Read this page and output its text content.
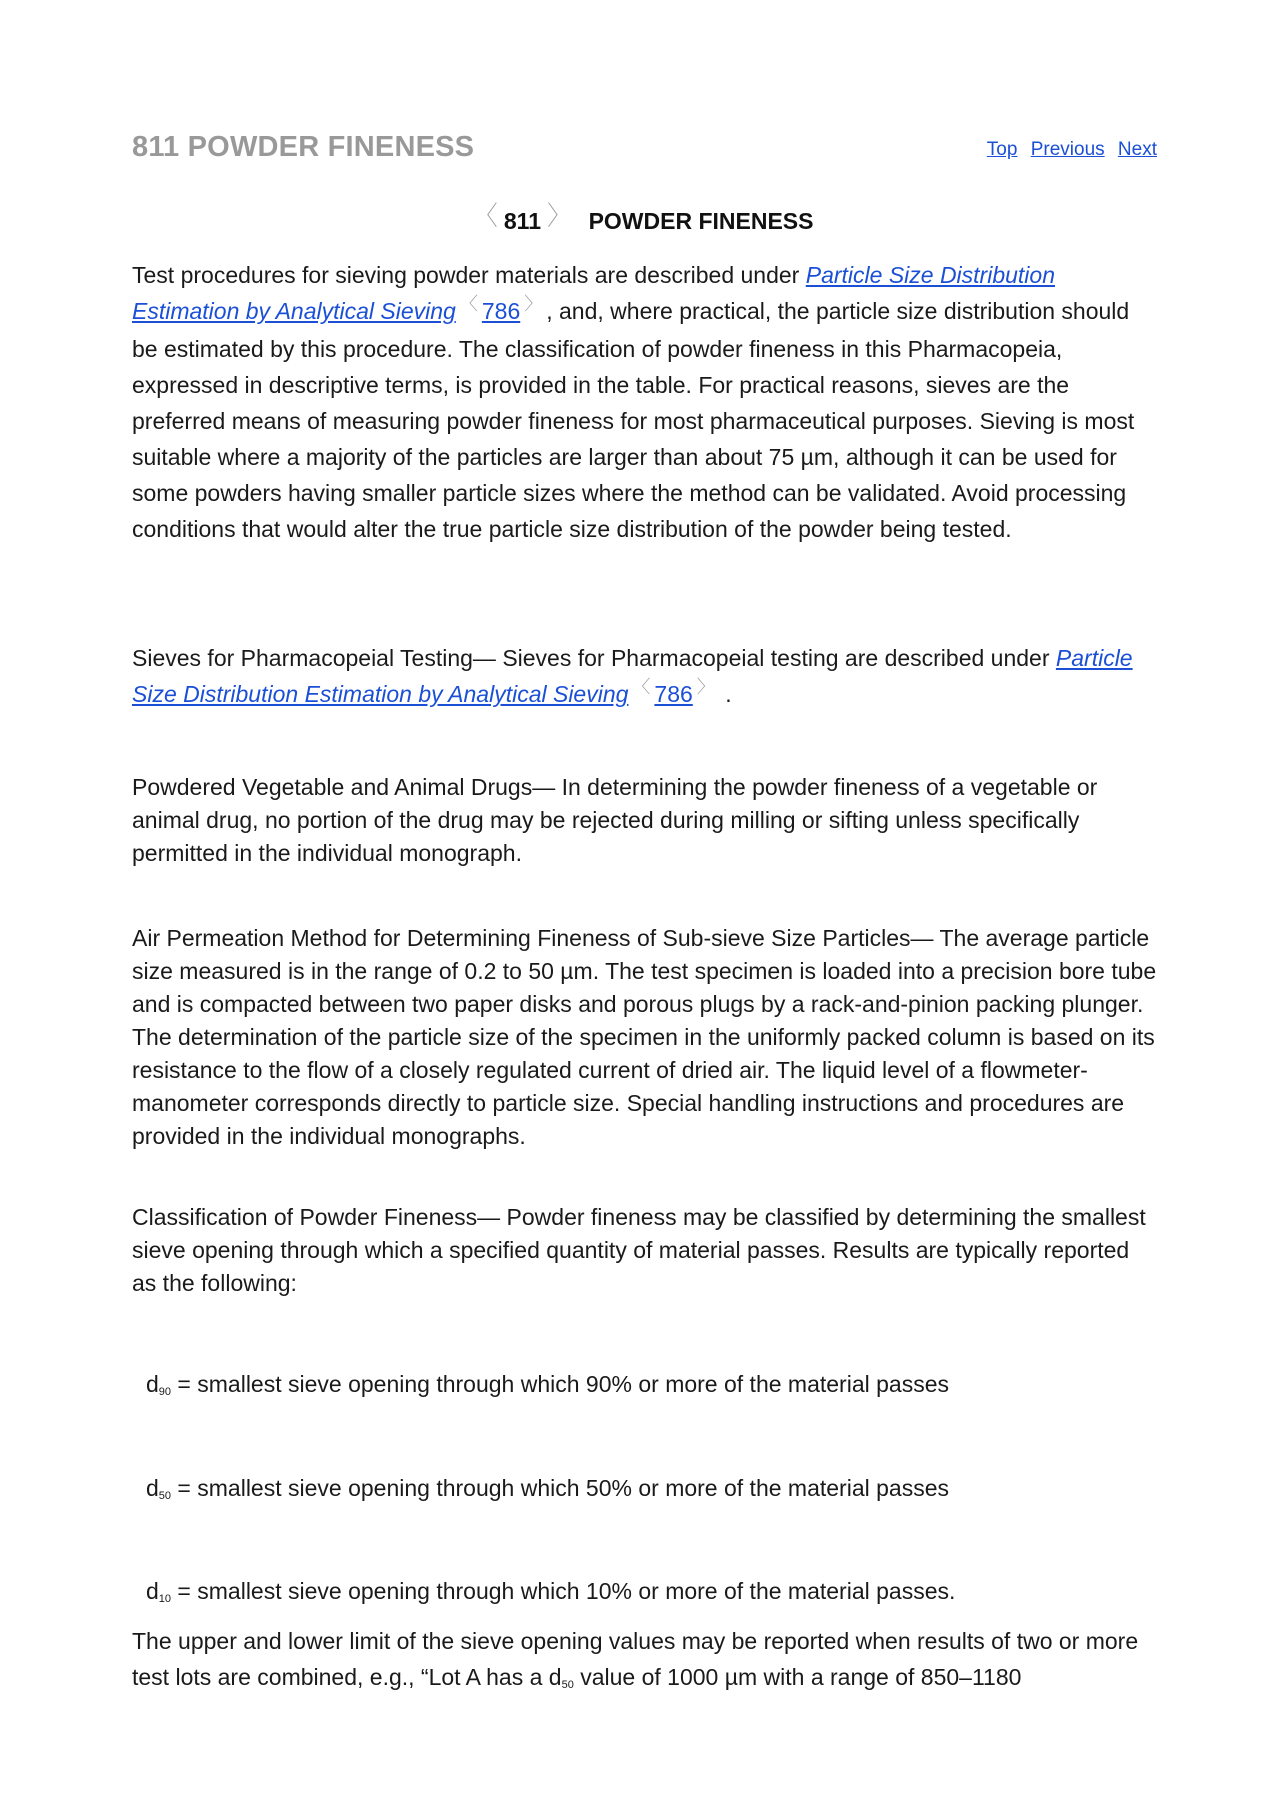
811 POWDER FINENESS	Top Previous Next
〈 811 〉 POWDER FINENESS

Test procedures for sieving powder materials are described under Particle Size Distribution Estimation by Analytical Sieving 〈 786 〉 , and, where practical, the particle size distribution should be estimated by this procedure. The classification of powder fineness in this Pharmacopeia, expressed in descriptive terms, is provided in the table. For practical reasons, sieves are the preferred means of measuring powder fineness for most pharmaceutical purposes. Sieving is most suitable where a majority of the particles are larger than about 75 µm, although it can be used for some powders having smaller particle sizes where the method can be validated. Avoid processing conditions that would alter the true particle size distribution of the powder being tested.

Sieves for Pharmacopeial Testing— Sieves for Pharmacopeial testing are described under Particle Size Distribution Estimation by Analytical Sieving 〈 786 〉 .

Powdered Vegetable and Animal Drugs— In determining the powder fineness of a vegetable or animal drug, no portion of the drug may be rejected during milling or sifting unless specifically permitted in the individual monograph.

Air Permeation Method for Determining Fineness of Sub-sieve Size Particles— The average particle size measured is in the range of 0.2 to 50 µm. The test specimen is loaded into a precision bore tube and is compacted between two paper disks and porous plugs by a rack-and-pinion packing plunger. The determination of the particle size of the specimen in the uniformly packed column is based on its resistance to the flow of a closely regulated current of dried air. The liquid level of a flowmeter-manometer corresponds directly to particle size. Special handling instructions and procedures are provided in the individual monographs.

Classification of Powder Fineness— Powder fineness may be classified by determining the smallest sieve opening through which a specified quantity of material passes. Results are typically reported as the following:

$d_{90}$ = smallest sieve opening through which 90% or more of the material passes

$d_{50}$ = smallest sieve opening through which 50% or more of the material passes

$d_{10}$ = smallest sieve opening through which 10% or more of the material passes.

The upper and lower limit of the sieve opening values may be reported when results of two or more test lots are combined, e.g., “Lot A has a $d_{50}$ value of 1000 µm with a range of 850–1180
